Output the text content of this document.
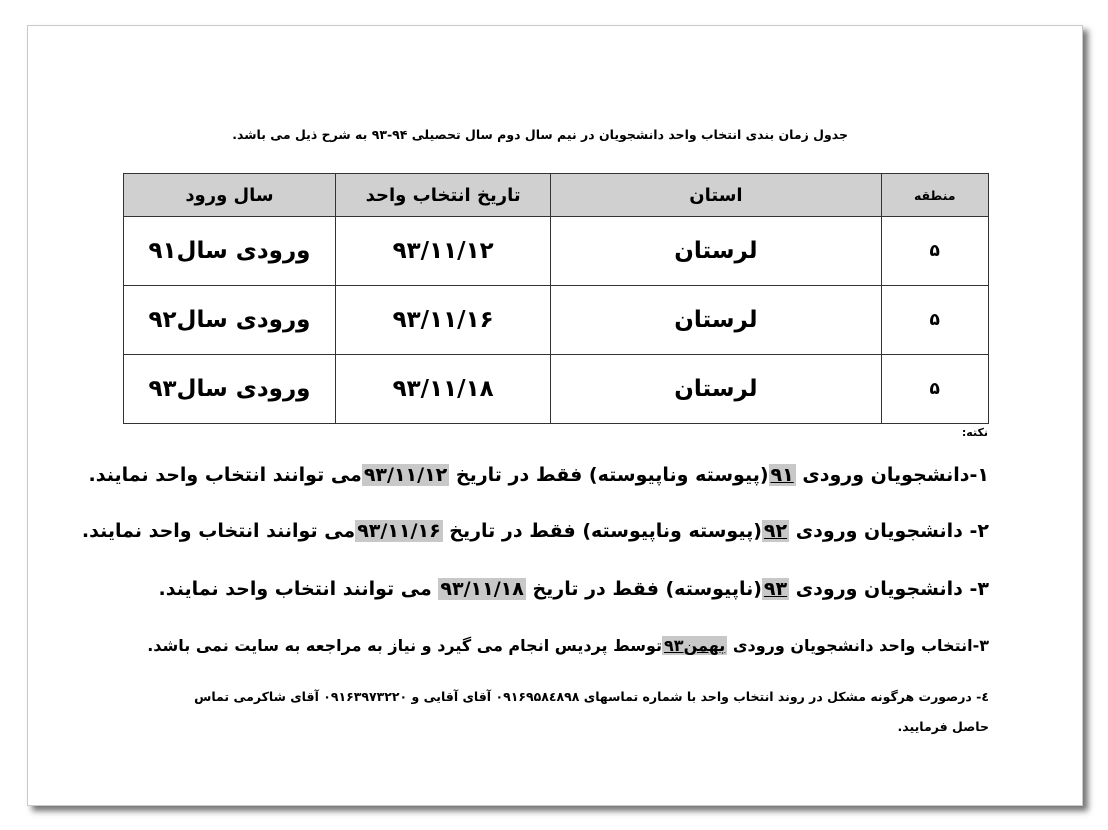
جدول زمان بندی انتخاب واحد دانشجویان در نیم سال دوم سال تحصیلی ۹۴-۹۳ به شرح ذیل می باشد.
منطقه	استان	تاریخ انتخاب واحد	سال ورود
۵	لرستان	۹۳/۱۱/۱۲	ورودی سال۹۱
۵	لرستان	۹۳/۱۱/۱۶	ورودی سال۹۲
۵	لرستان	۹۳/۱۱/۱۸	ورودی سال۹۳
نکته:
۱-دانشجویان ورودی ۹۱(پیوسته وناپیوسته) فقط در تاریخ ۹۳/۱۱/۱۲می توانند انتخاب واحد نمایند.
۲- دانشجویان ورودی ۹۲(پیوسته وناپیوسته) فقط در تاریخ ۹۳/۱۱/۱۶می توانند انتخاب واحد نمایند.
۳- دانشجویان ورودی ۹۳(ناپیوسته) فقط در تاریخ ۹۳/۱۱/۱۸ می توانند انتخاب واحد نمایند.
۳-انتخاب واحد دانشجویان ورودی بهمن۹۳توسط پردیس انجام می گیرد و نیاز به مراجعه به سایت نمی باشد.
٤- درصورت هرگونه مشکل در روند انتخاب واحد با شماره تماسهای ۰۹۱۶۹۵۸٤۸۹۸ آقای آقایی و ۰۹۱۶۳۹۷۳۲۲۰ آقای شاکرمی تماس
حاصل فرمایید.
